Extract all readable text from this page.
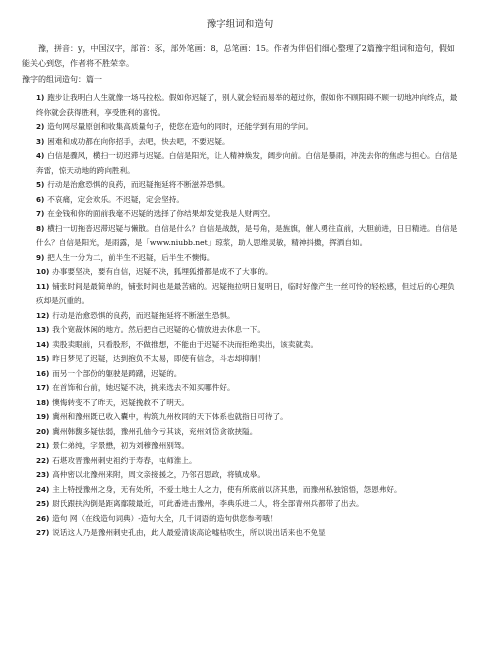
豫字组词和造句

豫，拼音：y，中国汉字，部首：豕，部外笔画：8，总笔画：15。作者为伴侣们细心整理了2篇豫字组词和造句，假如能关心到您，作者将不胜荣幸。

豫字的组词造句：篇一

1) 跑步让我明白人生就像一场马拉松。假如你迟疑了，别人就会轻而易举的超过你，假如你不顾阳碍不顾一切地冲向终点，最终你就会获得胜利，享受胜利的喜悦。
2) 造句网尽量原创和收集高质量句子，使您在造句的同时，还能学到有用的学问。
3) 困难和成功都在向你招手，去吧，快去吧，不要迟疑。
4) 白信是骤风，横扫一切迟滞与迟疑。白信是阳光，让人精神焕发，阔步向前。白信是暴雨，冲洗去你的焦虑与担心。白信是奔雷，惊天动地的跨向胜利。
5) 行动是治愈恐惧的良药，而迟疑拖延将不断滋养恐惧。
6) 不哀痛，定会欢乐。不迟疑，定会坚持。
7) 在金钱和你的面前我毫不迟疑的选择了你结果却发觉我是人财两空。
8) 横扫一切拖沓迟滞迟疑与懒散。自信是什么？自信是战鼓，是号角，是旌旗，催人勇往直前，大胆前进，日日精进。自信是什么？自信是阳光，是雨露，是「www.niubb.net」琼浆，助人思维灵敏，精神抖擞，挥洒自如。
9) 把人生一分为二，前半生不迟疑，后半生不懊悔。
10) 办事要坚决，要有自信，迟疑不决，狐埋狐搰都是成不了大事的。
11) 铺张时间是最简单的，铺张时间也是最苦痛的。迟疑拖拉明日复明日，临时好像产生一丝可怜的轻松感，但过后的心理负疚却是沉重的。
12) 行动是治愈恐惧的良药，而迟疑拖延将不断滋生恐惧。
13) 我个宽裁休闲的地方。然后把自己迟疑的心情放进去休息一下。
14) 卖股卖眼前，只看股形，不做推想，不能由于迟疑不决而拒绝卖出，该卖就卖。
15) 昨日梦见了迟疑，达到抱负不太易，即使有信念，斗志却抑制！
16) 而另一个部份的躯驶是踌躇，迟疑的。
17) 在首饰和台前，她迟疑不决，挑来选去不知买哪件好。
18) 懊悔转变不了昨天，迟疑挽救不了明天。
19) 冀州和豫州既已收入囊中，构筑九州枚同的天下体系也就指日可待了。
20) 冀州韩馥多疑怯弱，豫州孔伷今亏其谈，兖州刘岱贪欲挟隘。
21) 景仁弟纯，字景懋，初为刘穆豫州别驾。
22) 石堪攻晋豫州刺史祖约于寿春，屯师淮上。
23) 高仲密以北豫州来附，周文亲接援之，乃邻召思政，将镇成皋。
24) 主上特授豫州之身，无有处所，不爱土地士人之力，使有所底前以济其患，而豫州私独馆悟，怨恩弗好。
25) 尉氏跟扶沟倒是距离鄢陵最近，可此番进击豫州，李典乐进二人，将全部青州兵都带了出去。
26) 造句 网（在线造句词典）-造句大全，几千词语的造句供您参考哦！
27) 说话这人乃是豫州刺史孔由，此人最爱清谈高论嘘枯吹生，所以说出话来也不免显
